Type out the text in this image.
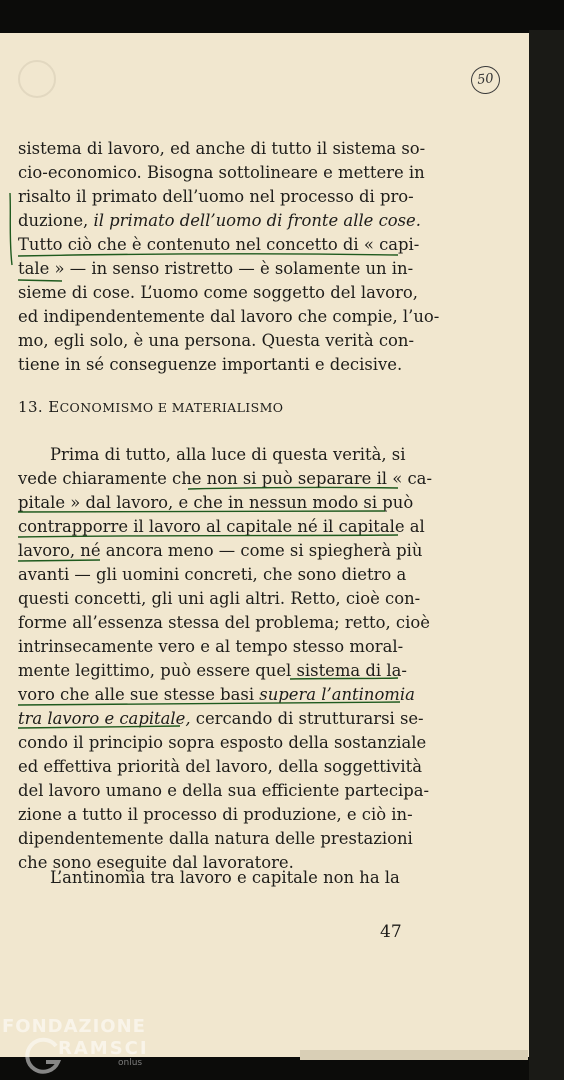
50
sistema di lavoro, ed anche di tutto il sistema so-
cio-economico. Bisogna sottolineare e mettere in
risalto il primato dell’uomo nel processo di pro-
duzione, il primato dell’uomo di fronte alle cose.
Tutto ciò che è contenuto nel concetto di « capi-
tale » — in senso ristretto — è solamente un in-
sieme di cose. L’uomo come soggetto del lavoro,
ed indipendentemente dal lavoro che compie, l’uo-
mo, egli solo, è una persona. Questa verità con-
tiene in sé conseguenze importanti e decisive.
13. ECONOMISMO E MATERIALISMO
Prima di tutto, alla luce di questa verità, si
vede chiaramente che non si può separare il « ca-
pitale » dal lavoro, e che in nessun modo si può
contrapporre il lavoro al capitale né il capitale al
lavoro, né ancora meno — come si spiegherà più
avanti — gli uomini concreti, che sono dietro a
questi concetti, gli uni agli altri. Retto, cioè con-
forme all’essenza stessa del problema; retto, cioè
intrinsecamente vero e al tempo stesso moral-
mente legittimo, può essere quel sistema di la-
voro che alle sue stesse basi supera l’antinomia
tra lavoro e capitale, cercando di strutturarsi se-
condo il principio sopra esposto della sostanziale
ed effettiva priorità del lavoro, della soggettività
del lavoro umano e della sua efficiente partecipa-
zione a tutto il processo di produzione, e ciò in-
dipendentemente dalla natura delle prestazioni
che sono eseguite dal lavoratore.
L’antinomia tra lavoro e capitale non ha la
47
FONDAZIONE
RAMSCI
onlus
